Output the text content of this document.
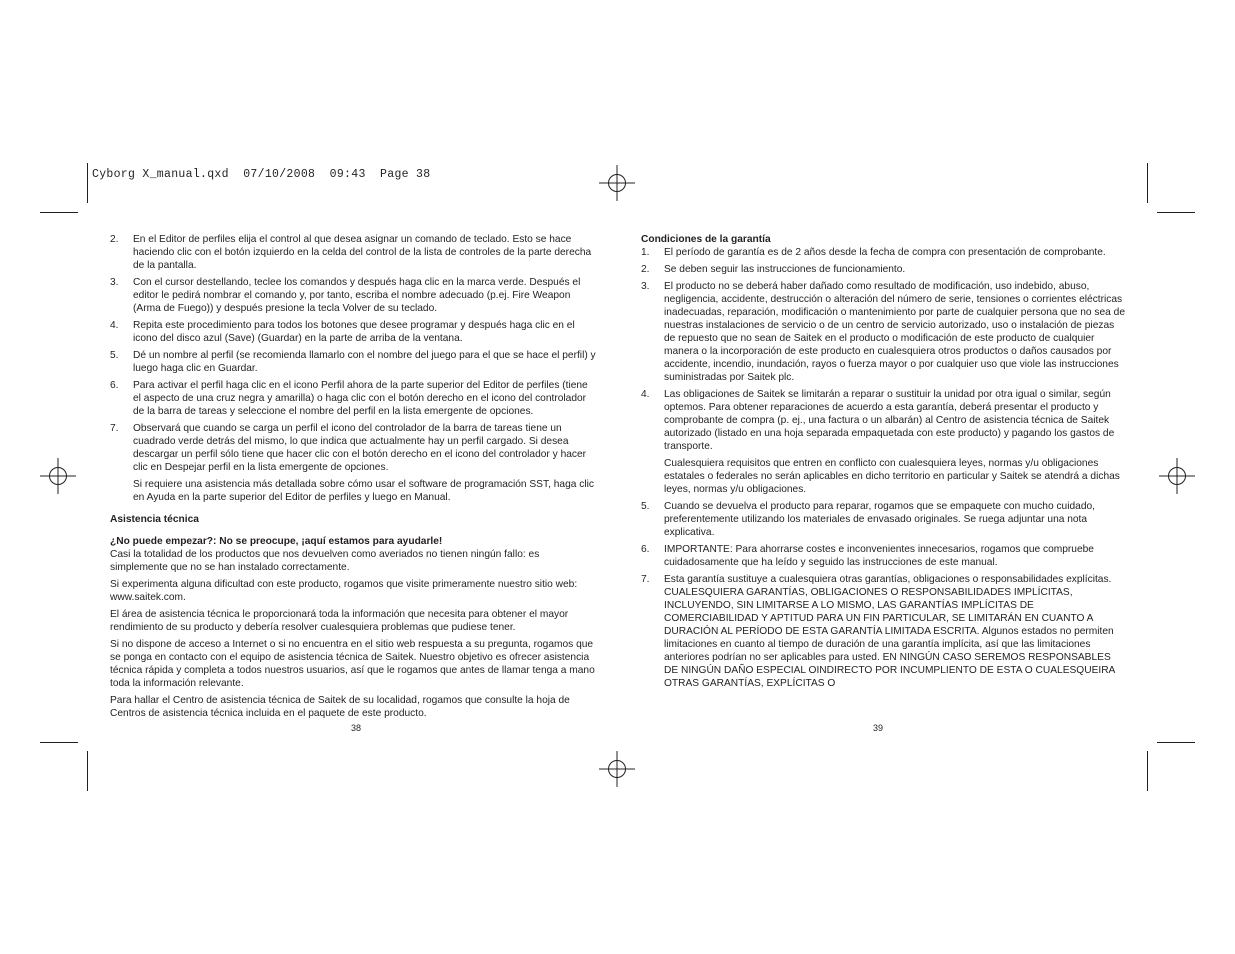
Cyborg X_manual.qxd  07/10/2008  09:43  Page 38
2. En el Editor de perfiles elija el control al que desea asignar un comando de teclado. Esto se hace haciendo clic con el botón izquierdo en la celda del control de la lista de controles de la parte derecha de la pantalla.
3. Con el cursor destellando, teclee los comandos y después haga clic en la marca verde. Después el editor le pedirá nombrar el comando y, por tanto, escriba el nombre adecuado (p.ej. Fire Weapon (Arma de Fuego)) y después presione la tecla Volver de su teclado.
4. Repita este procedimiento para todos los botones que desee programar y después haga clic en el icono del disco azul (Save) (Guardar) en la parte de arriba de la ventana.
5. Dé un nombre al perfil (se recomienda llamarlo con el nombre del juego para el que se hace el perfil) y luego haga clic en Guardar.
6. Para activar el perfil haga clic en el icono Perfil ahora de la parte superior del Editor de perfiles (tiene el aspecto de una cruz negra y amarilla) o haga clic con el botón derecho en el icono del controlador de la barra de tareas y seleccione el nombre del perfil en la lista emergente de opciones.
7. Observará que cuando se carga un perfil el icono del controlador de la barra de tareas tiene un cuadrado verde detrás del mismo, lo que indica que actualmente hay un perfil cargado. Si desea descargar un perfil sólo tiene que hacer clic con el botón derecho en el icono del controlador y hacer clic en Despejar perfil en la lista emergente de opciones.
Si requiere una asistencia más detallada sobre cómo usar el software de programación SST, haga clic en Ayuda en la parte superior del Editor de perfiles y luego en Manual.
Asistencia técnica
¿No puede empezar?: No se preocupe, ¡aquí estamos para ayudarle!
Casi la totalidad de los productos que nos devuelven como averiados no tienen ningún fallo: es simplemente que no se han instalado correctamente.
Si experimenta alguna dificultad con este producto, rogamos que visite primeramente nuestro sitio web: www.saitek.com.
El área de asistencia técnica le proporcionará toda la información que necesita para obtener el mayor rendimiento de su producto y debería resolver cualesquiera problemas que pudiese tener.
Si no dispone de acceso a Internet o si no encuentra en el sitio web respuesta a su pregunta, rogamos que se ponga en contacto con el equipo de asistencia técnica de Saitek. Nuestro objetivo es ofrecer asistencia técnica rápida y completa a todos nuestros usuarios, así que le rogamos que antes de llamar tenga a mano toda la información relevante.
Para hallar el Centro de asistencia técnica de Saitek de su localidad, rogamos que consulte la hoja de Centros de asistencia técnica incluida en el paquete de este producto.
Condiciones de la garantía
1. El período de garantía es de 2 años desde la fecha de compra con presentación de comprobante.
2. Se deben seguir las instrucciones de funcionamiento.
3. El producto no se deberá haber dañado como resultado de modificación, uso indebido, abuso, negligencia, accidente, destrucción o alteración del número de serie, tensiones o corrientes eléctricas inadecuadas, reparación, modificación o mantenimiento por parte de cualquier persona que no sea de nuestras instalaciones de servicio o de un centro de servicio autorizado, uso o instalación de piezas de repuesto que no sean de Saitek en el producto o modificación de este producto de cualquier manera o la incorporación de este producto en cualesquiera otros productos o daños causados por accidente, incendio, inundación, rayos o fuerza mayor o por cualquier uso que viole las instrucciones suministradas por Saitek plc.
4. Las obligaciones de Saitek se limitarán a reparar o sustituir la unidad por otra igual o similar, según optemos. Para obtener reparaciones de acuerdo a esta garantía, deberá presentar el producto y comprobante de compra (p. ej., una factura o un albarán) al Centro de asistencia técnica de Saitek autorizado (listado en una hoja separada empaquetada con este producto) y pagando los gastos de transporte.
Cualesquiera requisitos que entren en conflicto con cualesquiera leyes, normas y/u obligaciones estatales o federales no serán aplicables en dicho territorio en particular y Saitek se atendrá a dichas leyes, normas y/u obligaciones.
5. Cuando se devuelva el producto para reparar, rogamos que se empaquete con mucho cuidado, preferentemente utilizando los materiales de envasado originales. Se ruega adjuntar una nota explicativa.
6. IMPORTANTE: Para ahorrarse costes e inconvenientes innecesarios, rogamos que compruebe cuidadosamente que ha leído y seguido las instrucciones de este manual.
7. Esta garantía sustituye a cualesquiera otras garantías, obligaciones o responsabilidades explícitas. CUALESQUIERA GARANTÍAS, OBLIGACIONES O RESPONSABILIDADES IMPLÍCITAS, INCLUYENDO, SIN LIMITARSE A LO MISMO, LAS GARANTÍAS IMPLÍCITAS DE COMERCIABILIDAD Y APTITUD PARA UN FIN PARTICULAR, SE LIMITARÁN EN CUANTO A DURACIÓN AL PERÍODO DE ESTA GARANTÍA LIMITADA ESCRITA. Algunos estados no permiten limitaciones en cuanto al tiempo de duración de una garantía implícita, así que las limitaciones anteriores podrían no ser aplicables para usted. EN NINGÚN CASO SEREMOS RESPONSABLES DE NINGÚN DAÑO ESPECIAL OINDIRECTO POR INCUMPLIENTO DE ESTA O CUALESQUEIRA OTRAS GARANTÍAS, EXPLÍCITAS O
38	39
